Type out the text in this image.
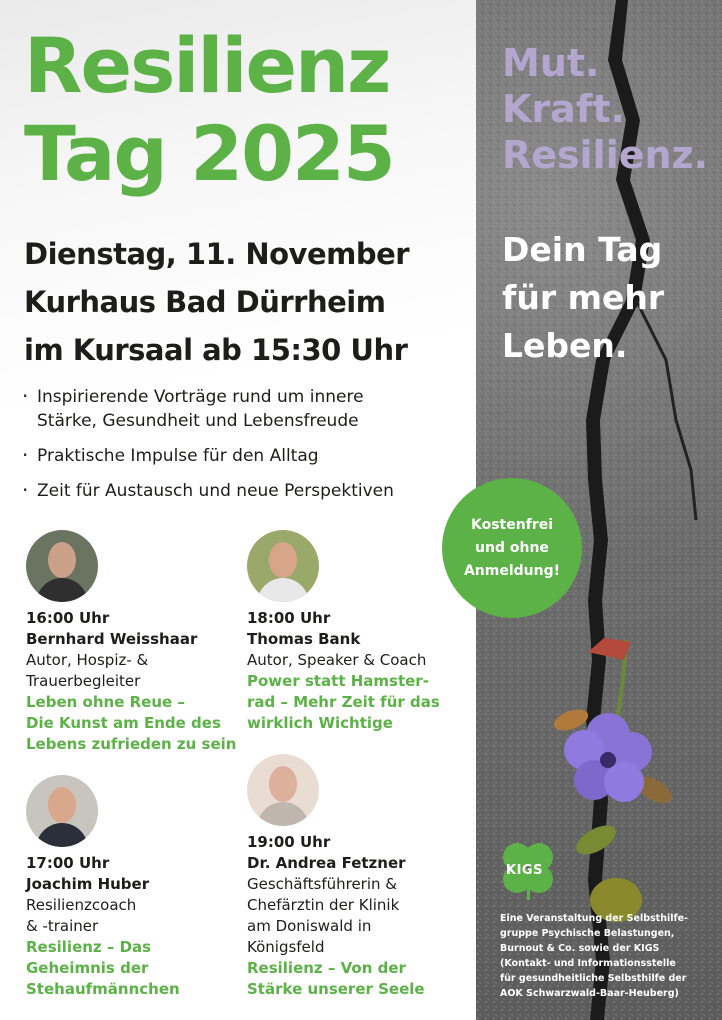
Resilienz
Tag 2025
Dienstag, 11. November
Kurhaus Bad Dürrheim
im Kursaal ab 15:30 Uhr
· Inspirierende Vorträge rund um innere
Stärke, Gesundheit und Lebensfreude
· Praktische Impulse für den Alltag
· Zeit für Austausch und neue Perspektiven
16:00 Uhr
Bernhard Weisshaar
Autor, Hospiz- &
Trauerbegleiter
Leben ohne Reue –
Die Kunst am Ende des
Lebens zufrieden zu sein
18:00 Uhr
Thomas Bank
Autor, Speaker & Coach
Power statt Hamster-
rad – Mehr Zeit für das
wirklich Wichtige
17:00 Uhr
Joachim Huber
Resilienzcoach
& -trainer
Resilienz – Das
Geheimnis der
Stehaufmännchen
19:00 Uhr
Dr. Andrea Fetzner
Geschäftsführerin &
Chefärztin der Klinik
am Doniswald in
Königsfeld
Resilienz – Von der
Stärke unserer Seele
Mut.
Kraft.
Resilienz.
Dein Tag
für mehr
Leben.
Kostenfrei
und ohne
Anmeldung!
KIGS
Eine Veranstaltung der Selbsthilfe-
gruppe Psychische Belastungen,
Burnout & Co. sowie der KIGS
(Kontakt- und Informationsstelle
für gesundheitliche Selbsthilfe der
AOK Schwarzwald-Baar-Heuberg)
